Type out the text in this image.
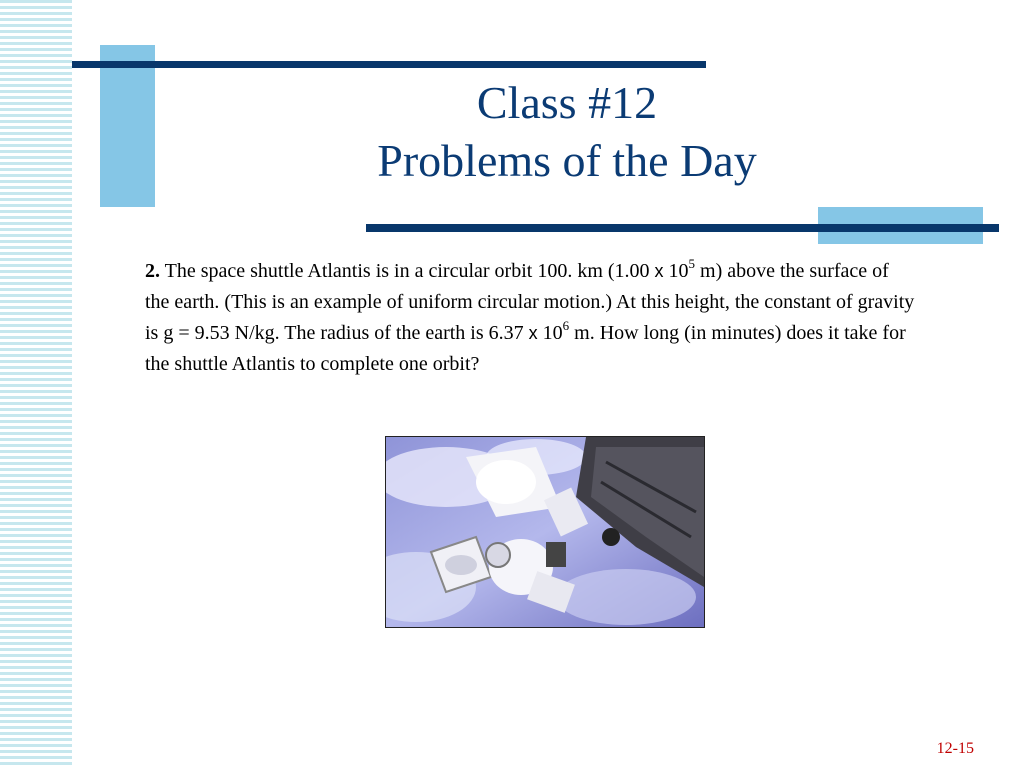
Class #12
Problems of the Day
2. The space shuttle Atlantis is in a circular orbit 100. km (1.00 x $10^5$ m) above the surface of the earth. (This is an example of uniform circular motion.) At this height, the constant of gravity is g = 9.53 N/kg. The radius of the earth is 6.37 x $10^6$ m. How long (in minutes) does it take for the shuttle Atlantis to complete one orbit?
12-15
